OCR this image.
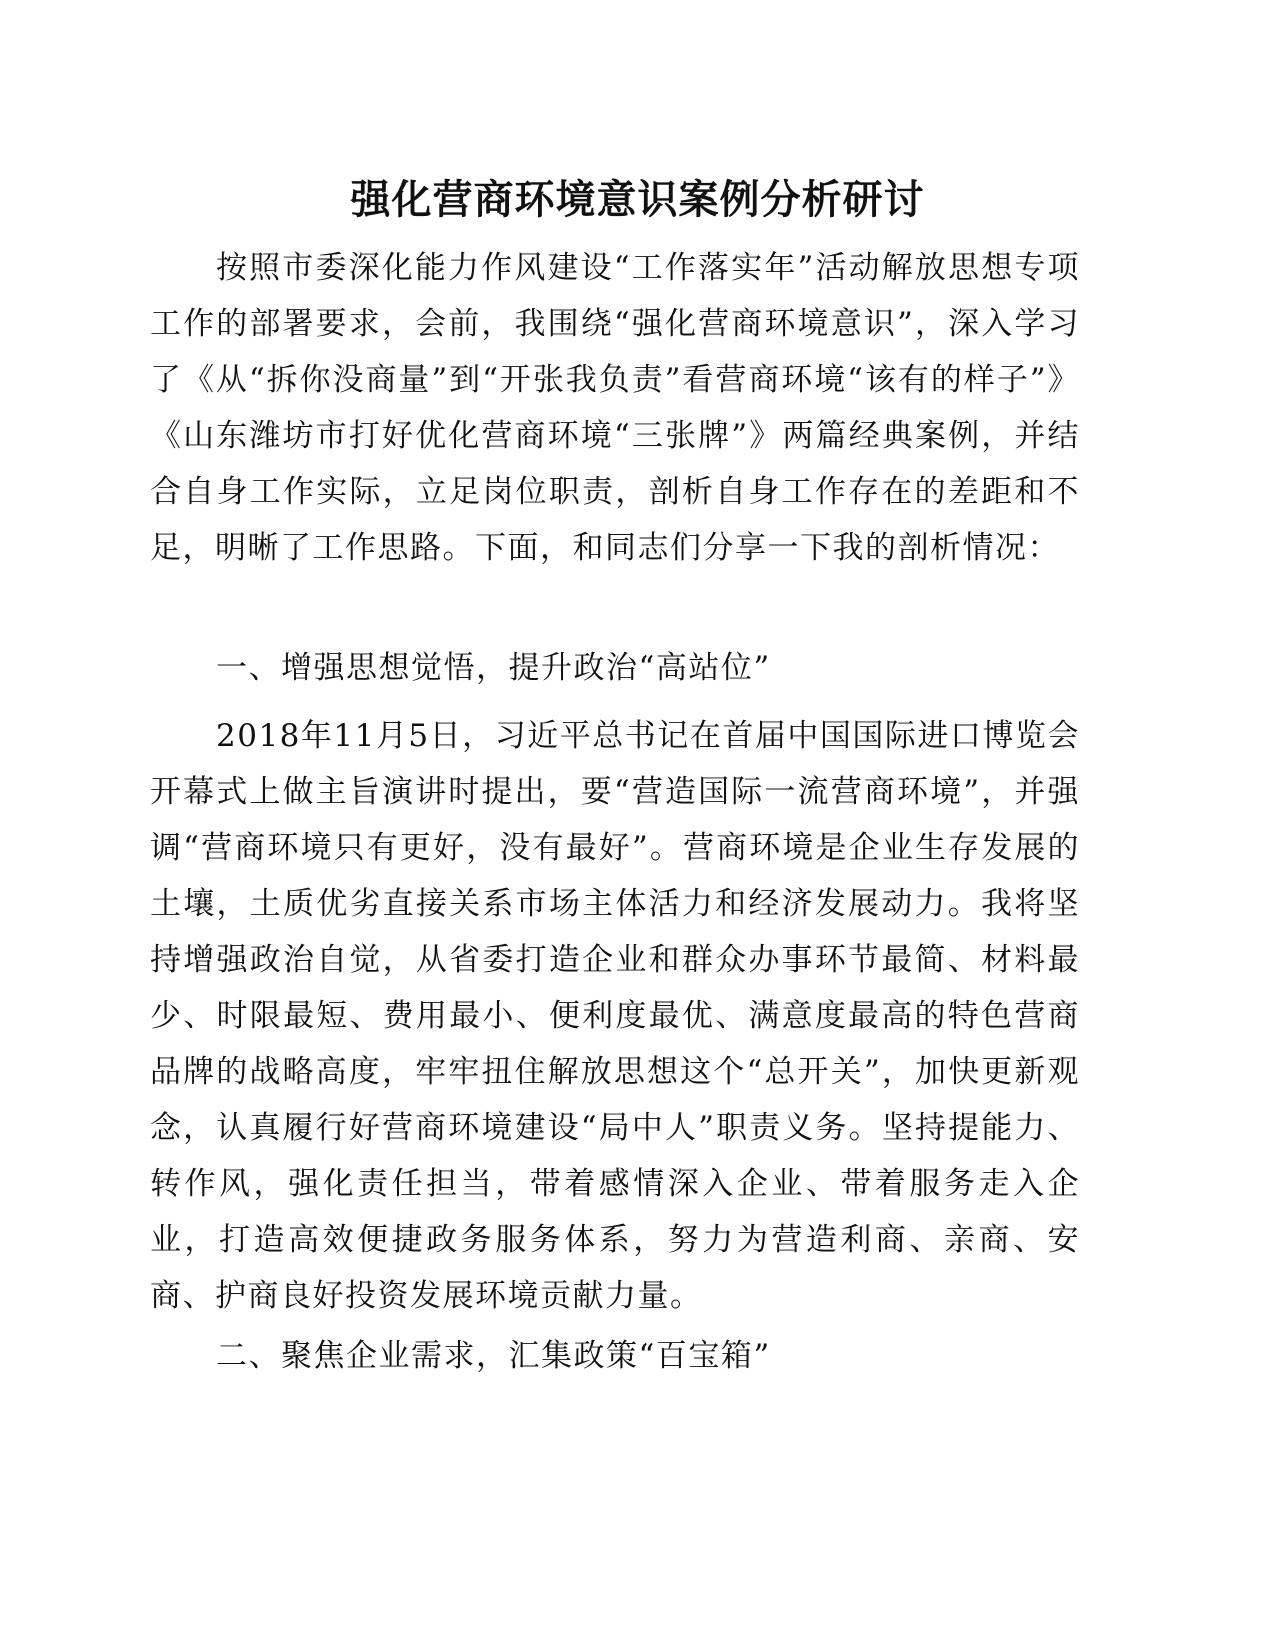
强化营商环境意识案例分析研讨

按照市委深化能力作风建设“工作落实年”活动解放思想专项工作的部署要求，会前，我围绕“强化营商环境意识”，深入学习了《从“拆你没商量”到“开张我负责”看营商环境“该有的样子”》《山东潍坊市打好优化营商环境“三张牌”》两篇经典案例，并结合自身工作实际，立足岗位职责，剖析自身工作存在的差距和不足，明晰了工作思路。下面，和同志们分享一下我的剖析情况：

一、增强思想觉悟，提升政治“高站位”

2018年11月5日，习近平总书记在首届中国国际进口博览会开幕式上做主旨演讲时提出，要“营造国际一流营商环境”，并强调“营商环境只有更好，没有最好”。营商环境是企业生存发展的土壤，土质优劣直接关系市场主体活力和经济发展动力。我将坚持增强政治自觉，从省委打造企业和群众办事环节最简、材料最少、时限最短、费用最小、便利度最优、满意度最高的特色营商品牌的战略高度，牢牢扭住解放思想这个“总开关”，加快更新观念，认真履行好营商环境建设“局中人”职责义务。坚持提能力、转作风，强化责任担当，带着感情深入企业、带着服务走入企业，打造高效便捷政务服务体系，努力为营造利商、亲商、安商、护商良好投资发展环境贡献力量。

二、聚焦企业需求，汇集政策“百宝箱”
